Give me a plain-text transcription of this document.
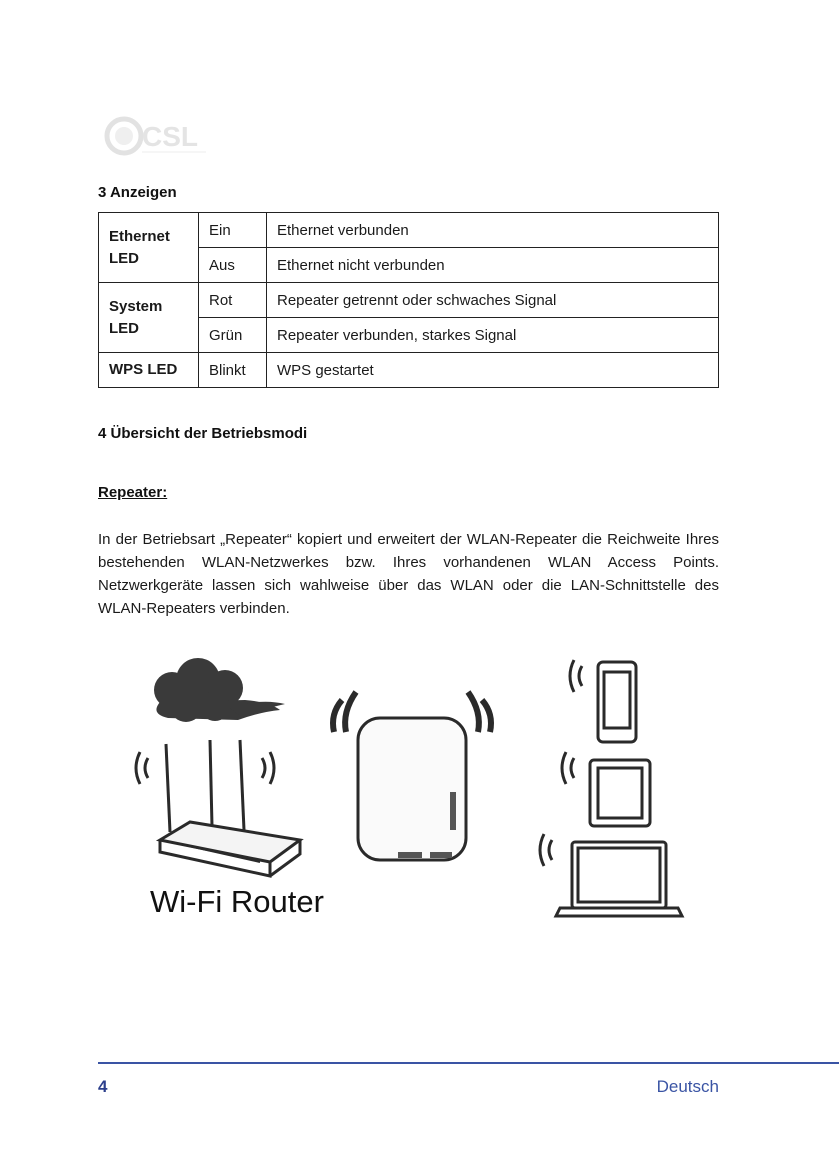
CSL
3 Anzeigen
Ethernet LED	Ein	Ethernet verbunden
	Aus	Ethernet nicht verbunden
System LED	Rot	Repeater getrennt oder schwaches Signal
	Grün	Repeater verbunden, starkes Signal
WPS LED	Blinkt	WPS gestartet
4 Übersicht der Betriebsmodi
Repeater:

In der Betriebsart „Repeater“ kopiert und erweitert der WLAN-Repeater die Reichweite Ihres bestehenden WLAN-Netzwerkes bzw. Ihres vorhandenen WLAN Access Points. Netzwerkgeräte lassen sich wahlweise über das WLAN oder die LAN-Schnittstelle des WLAN-Repeaters verbinden.

Wi-Fi Router
4	Deutsch
